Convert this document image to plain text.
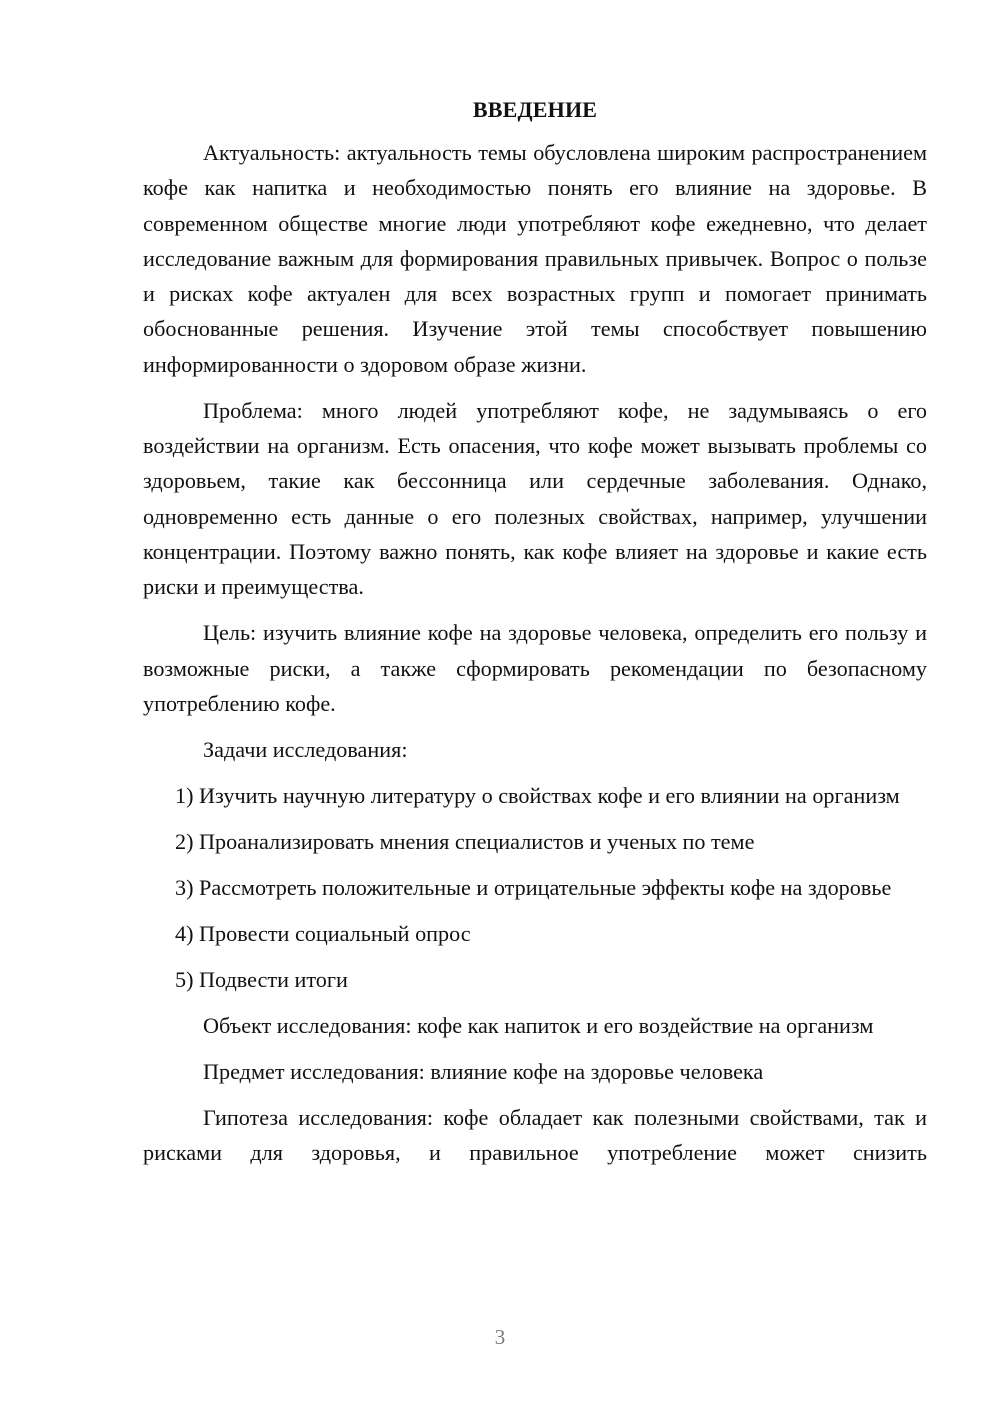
ВВЕДЕНИЕ
Актуальность: актуальность темы обусловлена широким распространением кофе как напитка и необходимостью понять его влияние на здоровье. В современном обществе многие люди употребляют кофе ежедневно, что делает исследование важным для формирования правильных привычек. Вопрос о пользе и рисках кофе актуален для всех возрастных групп и помогает принимать обоснованные решения. Изучение этой темы способствует повышению информированности о здоровом образе жизни.
Проблема: много людей употребляют кофе, не задумываясь о его воздействии на организм. Есть опасения, что кофе может вызывать проблемы со здоровьем, такие как бессонница или сердечные заболевания. Однако, одновременно есть данные о его полезных свойствах, например, улучшении концентрации. Поэтому важно понять, как кофе влияет на здоровье и какие есть риски и преимущества.
Цель: изучить влияние кофе на здоровье человека, определить его пользу и возможные риски, а также сформировать рекомендации по безопасному употреблению кофе.
Задачи исследования:
1) Изучить научную литературу о свойствах кофе и его влиянии на организм
2) Проанализировать мнения специалистов и ученых по теме
3) Рассмотреть положительные и отрицательные эффекты кофе на здоровье
4) Провести социальный опрос
5) Подвести итоги
Объект исследования: кофе как напиток и его воздействие на организм
Предмет исследования: влияние кофе на здоровье человека
Гипотеза исследования: кофе обладает как полезными свойствами, так и рисками для здоровья, и правильное употребление может снизить
3
